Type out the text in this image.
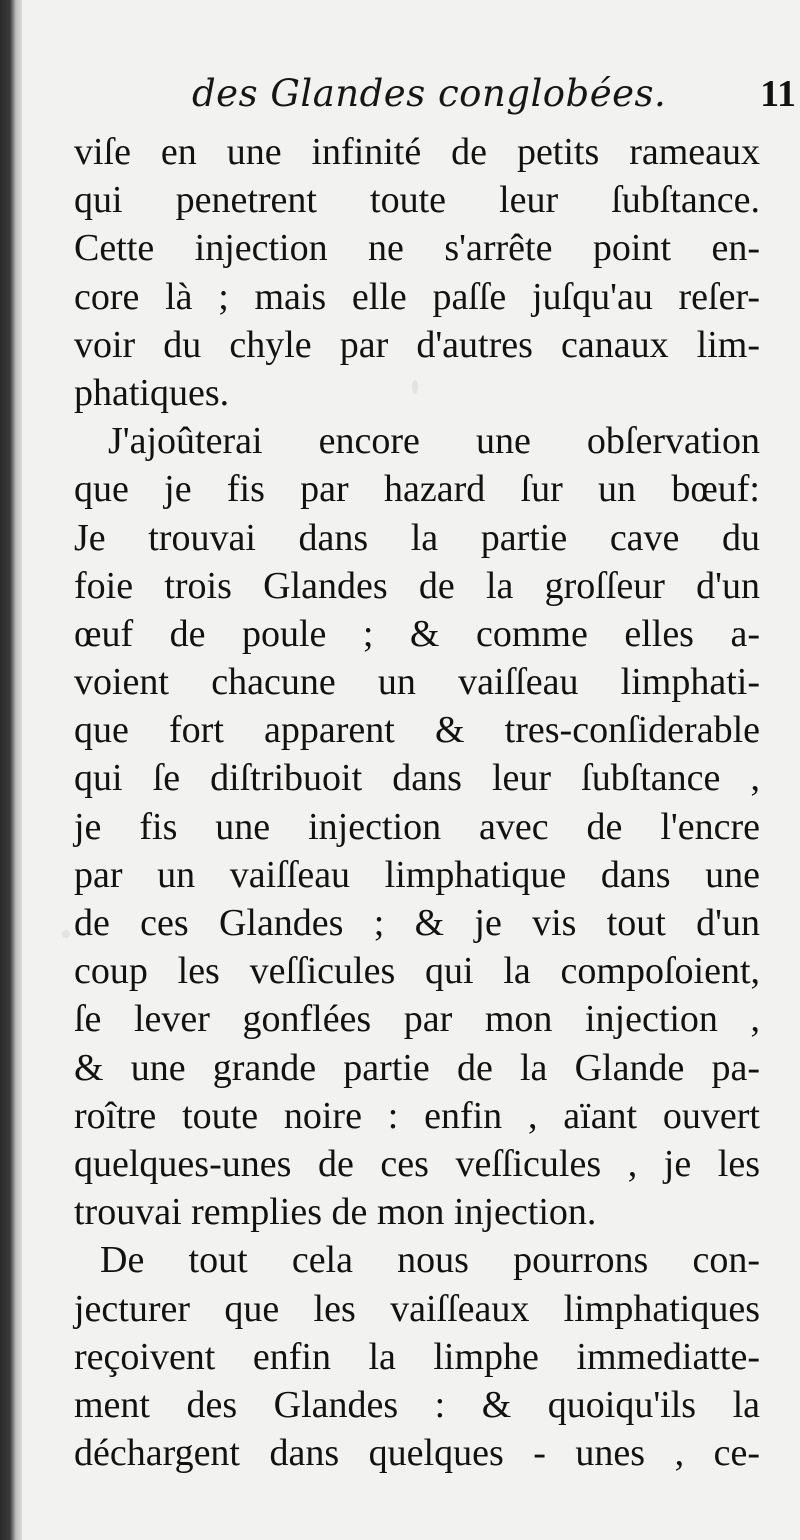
des Glandes conglobées. 11
viſe en une infinité de petits rameaux
qui penetrent toute leur ſubſtance.
Cette injection ne s'arrête point en-
core là ; mais elle paſſe juſqu'au reſer-
voir du chyle par d'autres canaux lim-
phatiques.
J'ajoûterai encore une obſervation
que je fis par hazard ſur un bœuf:
Je trouvai dans la partie cave du
foie trois Glandes de la groſſeur d'un
œuf de poule ; & comme elles a-
voient chacune un vaiſſeau limphati-
que fort apparent & tres-conſiderable
qui ſe diſtribuoit dans leur ſubſtance ,
je fis une injection avec de l'encre
par un vaiſſeau limphatique dans une
de ces Glandes ; & je vis tout d'un
coup les veſſicules qui la compoſoient,
ſe lever gonflées par mon injection ,
& une grande partie de la Glande pa-
roître toute noire : enfin , aïant ouvert
quelques-unes de ces veſſicules , je les
trouvai remplies de mon injection.
De tout cela nous pourrons con-
jecturer que les vaiſſeaux limphatiques
reçoivent enfin la limphe immediatte-
ment des Glandes : & quoiqu'ils la
déchargent dans quelques - unes , ce-
